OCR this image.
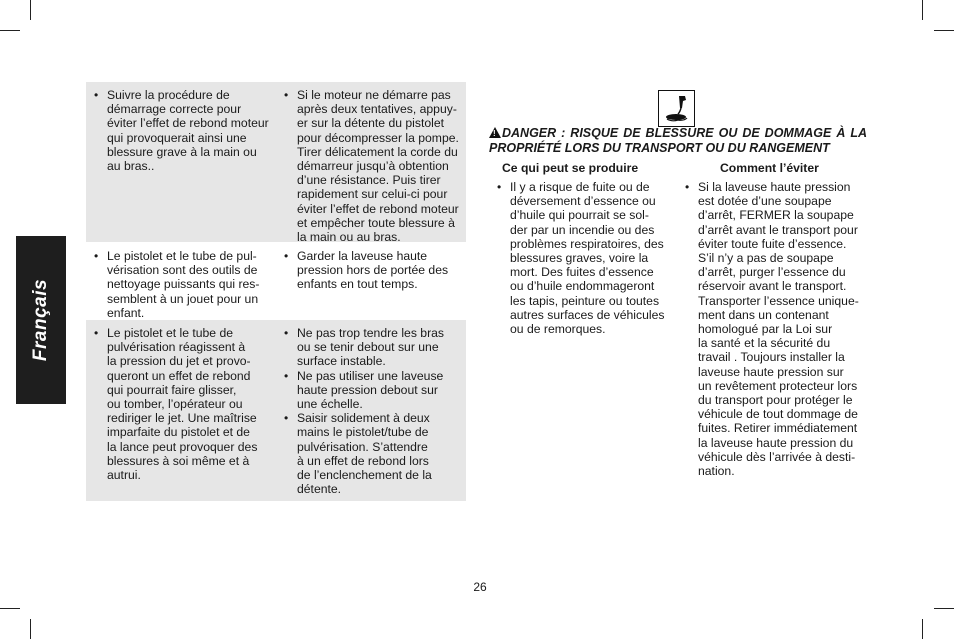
Français
• Suivre la procédure de
démarrage correcte pour
éviter l’effet de rebond moteur
qui provoquerait ainsi une
blessure grave à la main ou
au bras..
• Si le moteur ne démarre pas
après deux tentatives, appuy-
er sur la détente du pistolet
pour décompresser la pompe.
Tirer délicatement la corde du
démarreur jusqu’à obtention
d’une résistance. Puis tirer
rapidement sur celui-ci pour
éviter l’effet de rebond moteur
et empêcher toute blessure à
la main ou au bras.
• Le pistolet et le tube de pul-
vérisation sont des outils de
nettoyage puissants qui res-
semblent à un jouet pour un
enfant.
• Garder la laveuse haute
pression hors de portée des
enfants en tout temps.
• Le pistolet et le tube de
pulvérisation réagissent à
la pression du jet et provo-
queront un effet de rebond
qui pourrait faire glisser,
ou tomber, l’opérateur ou
rediriger le jet. Une maîtrise
imparfaite du pistolet et de
la lance peut provoquer des
blessures à soi même et à
autrui.
• Ne pas trop tendre les bras
ou se tenir debout sur une
surface instable.
• Ne pas utiliser une laveuse
haute pression debout sur
une échelle.
• Saisir solidement à deux
mains le pistolet/tube de
pulvérisation. S’attendre
à un effet de rebond lors
de l’enclenchement de la
détente.
!DANGER : RISQUE DE BLESSURE OU DE DOMMAGE À LA PROPRIÉTÉ LORS DU TRANSPORT OU DU RANGEMENT
Ce qui peut se produire	Comment l’éviter
• Il y a risque de fuite ou de
déversement d’essence ou
d’huile qui pourrait se sol-
der par un incendie ou des
problèmes respiratoires, des
blessures graves, voire la
mort. Des fuites d’essence
ou d’huile endommageront
les tapis, peinture ou toutes
autres surfaces de véhicules
ou de remorques.
• Si la laveuse haute pression
est dotée d’une soupape
d’arrêt, FERMER la soupape
d’arrêt avant le transport pour
éviter toute fuite d’essence.
S’il n’y a pas de soupape
d’arrêt, purger l’essence du
réservoir avant le transport.
Transporter l’essence unique-
ment dans un contenant
homologué par la Loi sur
la santé et la sécurité du
travail . Toujours installer la
laveuse haute pression sur
un revêtement protecteur lors
du transport pour protéger le
véhicule de tout dommage de
fuites. Retirer immédiatement
la laveuse haute pression du
véhicule dès l’arrivée à desti-
nation.
26
